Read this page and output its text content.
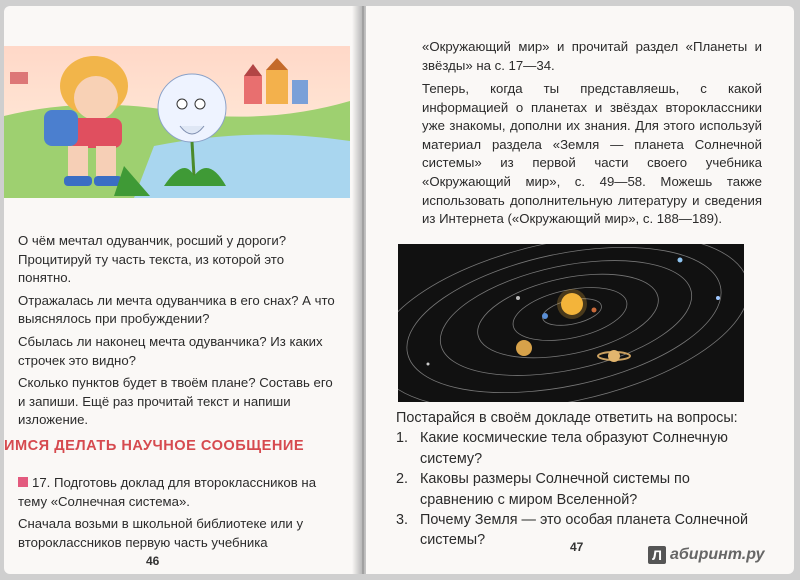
О чём мечтал одуванчик, росший у дороги? Процитируй ту часть текста, из которой это понятно.
Отражалась ли мечта одуванчика в его снах? А что выяснялось при пробуждении?
Сбылась ли наконец мечта одуванчика? Из каких строчек это видно?
Сколько пунктов будет в твоём плане? Составь его и запиши. Ещё раз прочитай текст и напиши изложение.
ИМСЯ ДЕЛАТЬ НАУЧНОЕ СООБЩЕНИЕ
17. Подготовь доклад для второклассников на тему «Солнечная система».
Сначала возьми в школьной библиотеке или у второклассников первую часть учебника
46
«Окружающий мир» и прочитай раздел «Планеты и звёзды» на с. 17—34.
Теперь, когда ты представляешь, с какой информацией о планетах и звёздах второклассники уже знакомы, дополни их знания. Для этого используй материал раздела «Земля — планета Солнечной системы» из первой части своего учебника «Окружающий мир», с. 49—58. Можешь также использовать дополнительную литературу и сведения из Интернета («Окружающий мир», с. 188—189).
Постарайся в своём докладе ответить на вопросы:
1. Какие космические тела образуют Солнечную систему?
2. Каковы размеры Солнечной системы по сравнению с миром Вселенной?
3. Почему Земля — это особая планета Солнечной системы?	47	Л абиринт.ру
